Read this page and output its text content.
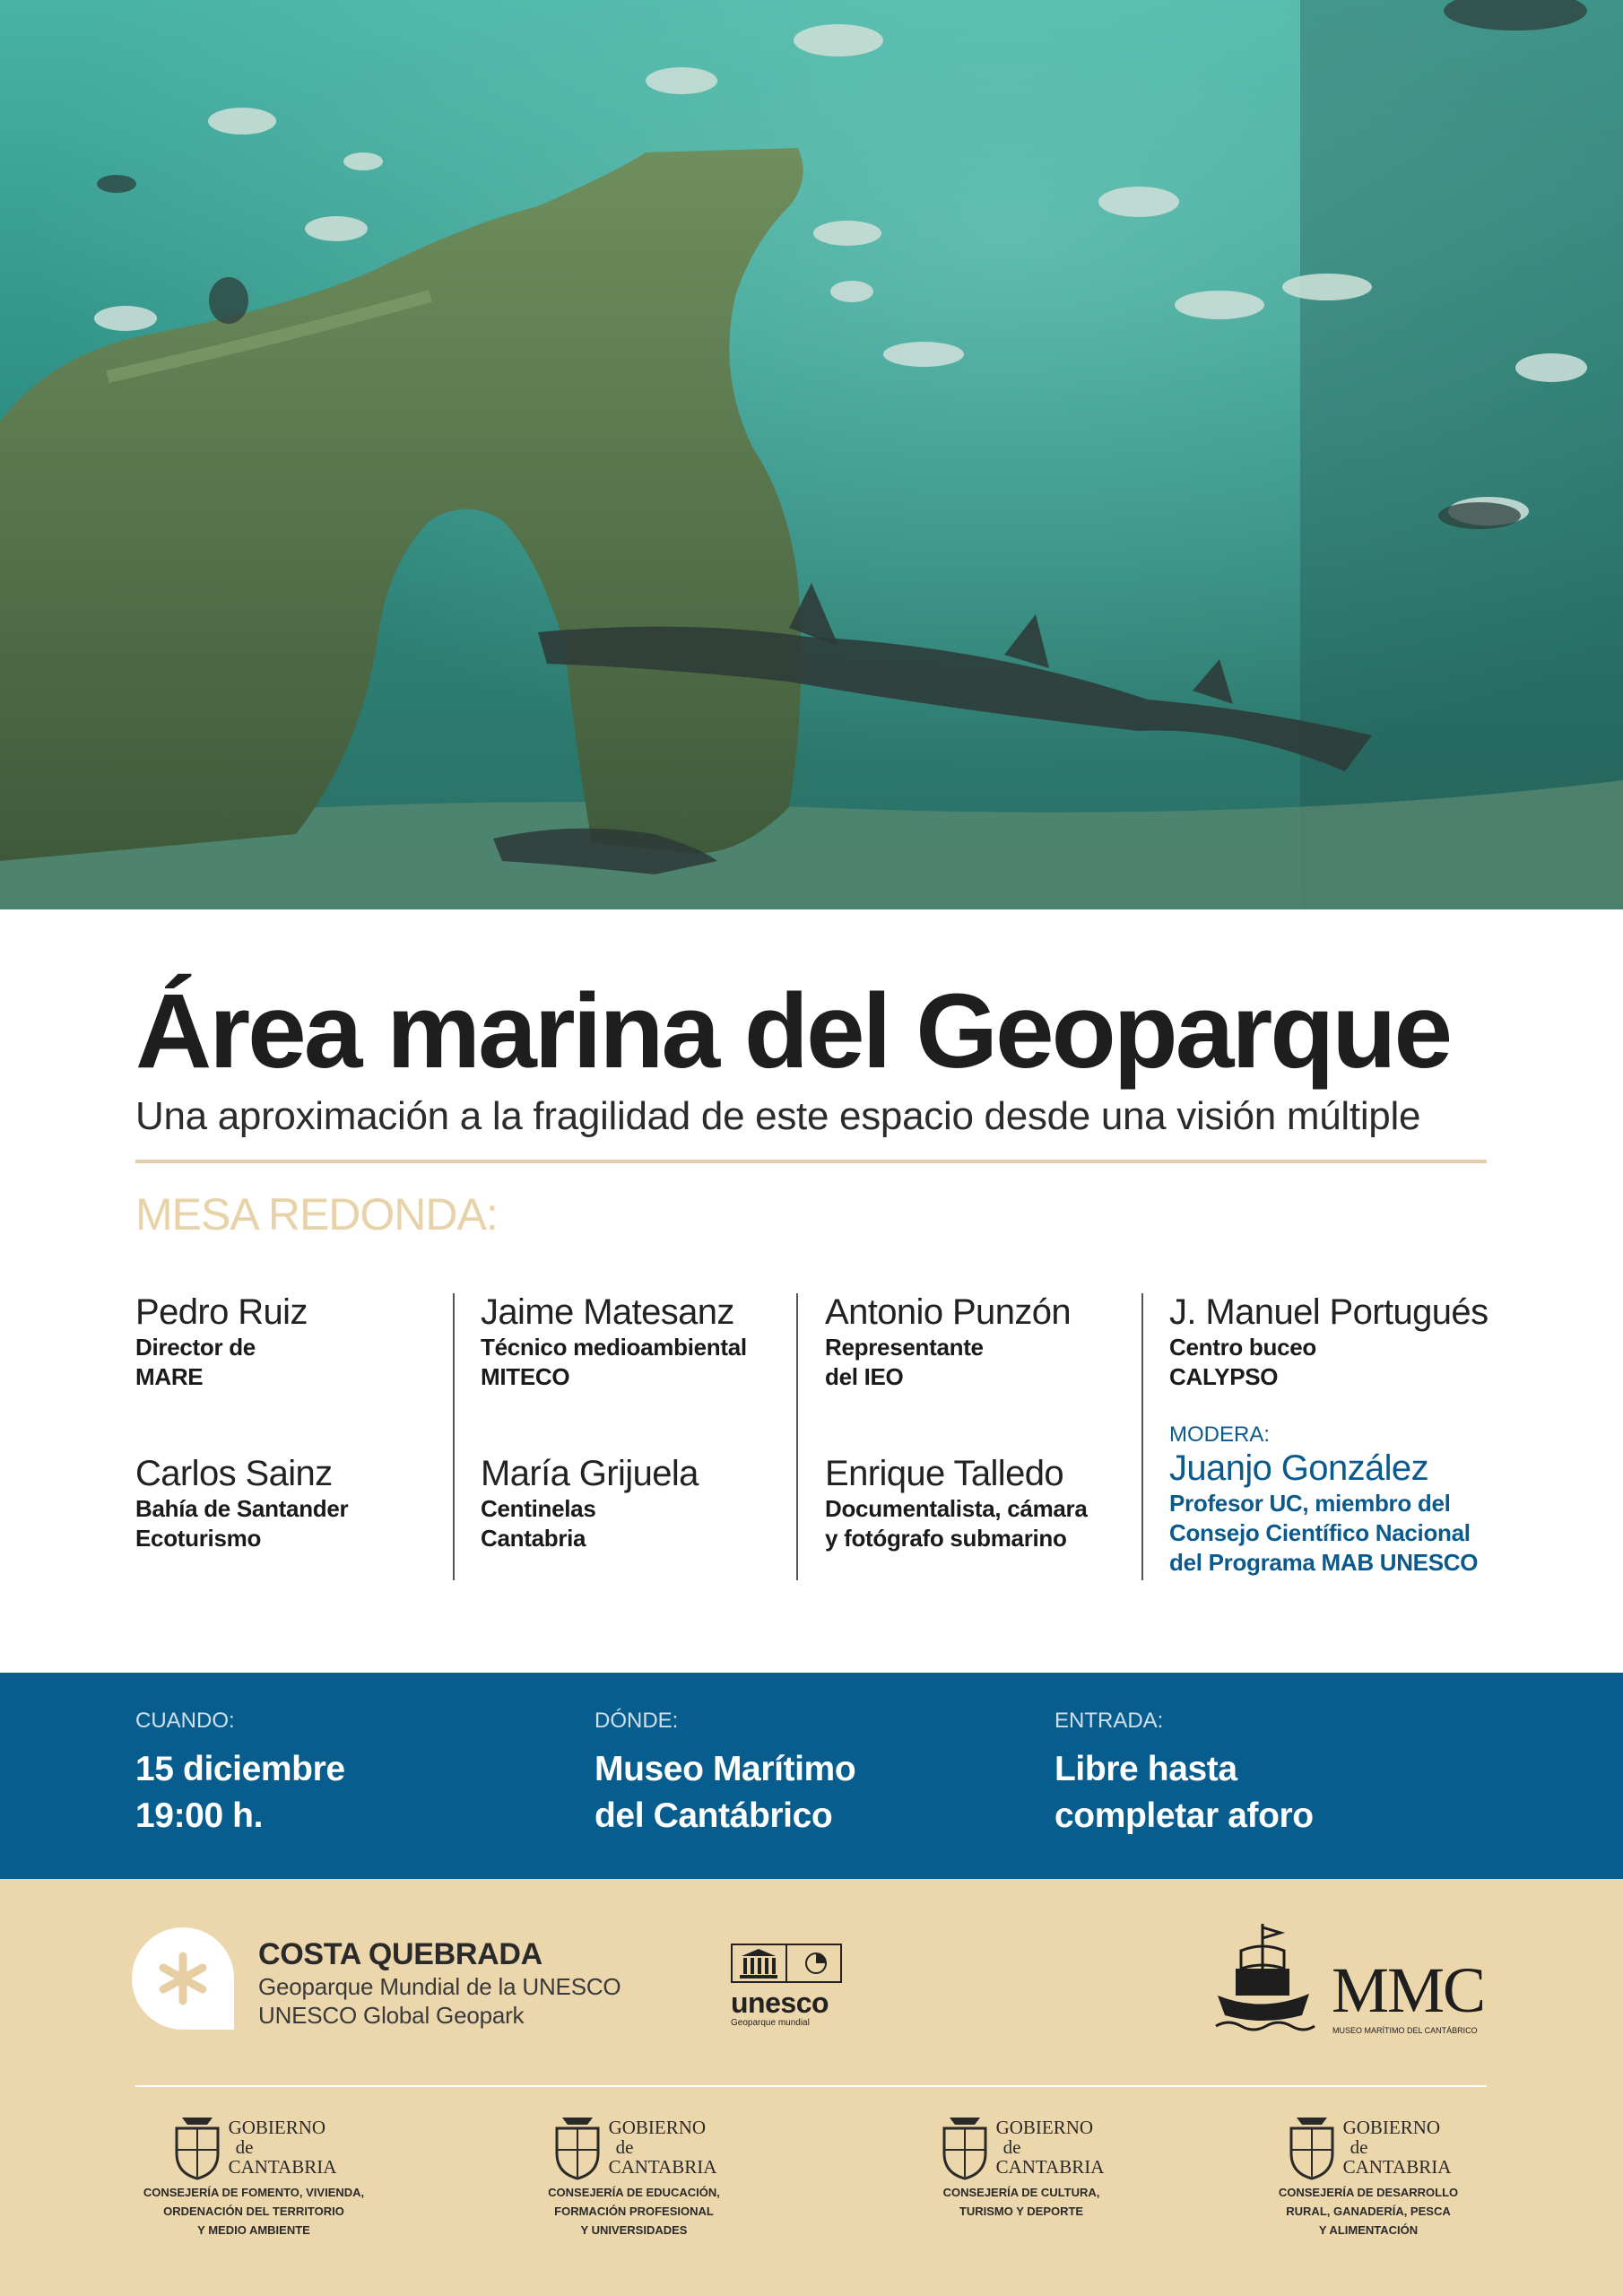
Área marina del Geoparque
Una aproximación a la fragilidad de este espacio desde una visión múltiple
MESA REDONDA:
Pedro Ruiz
Director de
MARE
Carlos Sainz
Bahía de Santander
Ecoturismo
Jaime Matesanz
Técnico medioambiental
MITECO
María Grijuela
Centinelas
Cantabria
Antonio Punzón
Representante
del IEO
Enrique Talledo
Documentalista, cámara
y fotógrafo submarino
J. Manuel Portugués
Centro buceo
CALYPSO
MODERA:
Juanjo González
Profesor UC, miembro del
Consejo Científico Nacional
del Programa MAB UNESCO
CUANDO:
15 diciembre
19:00 h.
DÓNDE:
Museo Marítimo
del Cantábrico
ENTRADA:
Libre hasta
completar aforo
COSTA QUEBRADA
Geoparque Mundial de la UNESCO
UNESCO Global Geopark	unesco
Geoparque mundial	MMC
MUSEO MARÍTIMO DEL CANTÁBRICO
GOBIERNO
de
CANTABRIA
CONSEJERÍA DE FOMENTO, VIVIENDA,
ORDENACIÓN DEL TERRITORIO
Y MEDIO AMBIENTE
GOBIERNO
de
CANTABRIA
CONSEJERÍA DE EDUCACIÓN,
FORMACIÓN PROFESIONAL
Y UNIVERSIDADES
GOBIERNO
de
CANTABRIA
CONSEJERÍA DE CULTURA,
TURISMO Y DEPORTE
GOBIERNO
de
CANTABRIA
CONSEJERÍA DE DESARROLLO
RURAL, GANADERÍA, PESCA
Y ALIMENTACIÓN
